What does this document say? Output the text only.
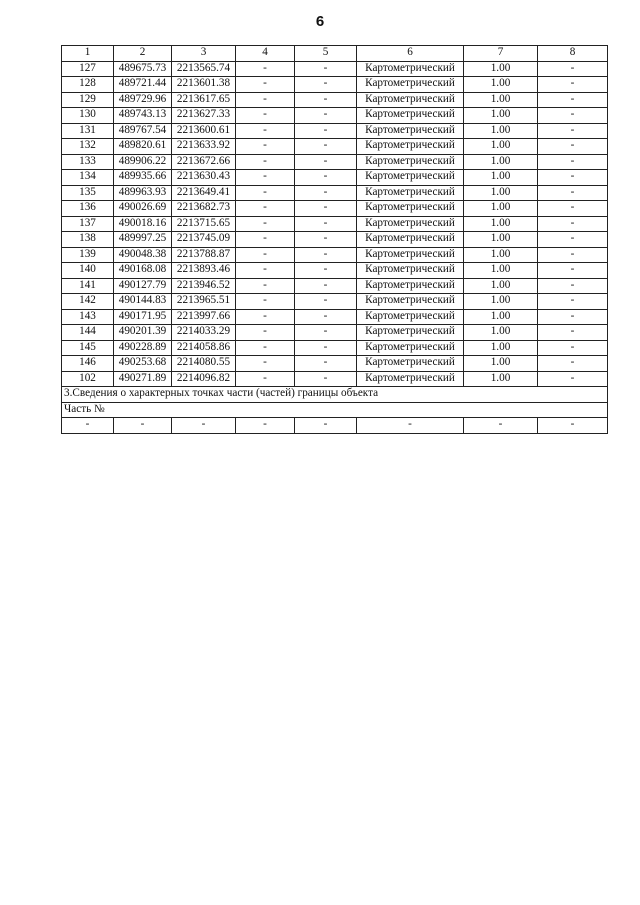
6
1	2	3	4	5	6	7	8
127	489675.73	2213565.74	-	-	Картометрический	1.00	-
128	489721.44	2213601.38	-	-	Картометрический	1.00	-
129	489729.96	2213617.65	-	-	Картометрический	1.00	-
130	489743.13	2213627.33	-	-	Картометрический	1.00	-
131	489767.54	2213600.61	-	-	Картометрический	1.00	-
132	489820.61	2213633.92	-	-	Картометрический	1.00	-
133	489906.22	2213672.66	-	-	Картометрический	1.00	-
134	489935.66	2213630.43	-	-	Картометрический	1.00	-
135	489963.93	2213649.41	-	-	Картометрический	1.00	-
136	490026.69	2213682.73	-	-	Картометрический	1.00	-
137	490018.16	2213715.65	-	-	Картометрический	1.00	-
138	489997.25	2213745.09	-	-	Картометрический	1.00	-
139	490048.38	2213788.87	-	-	Картометрический	1.00	-
140	490168.08	2213893.46	-	-	Картометрический	1.00	-
141	490127.79	2213946.52	-	-	Картометрический	1.00	-
142	490144.83	2213965.51	-	-	Картометрический	1.00	-
143	490171.95	2213997.66	-	-	Картометрический	1.00	-
144	490201.39	2214033.29	-	-	Картометрический	1.00	-
145	490228.89	2214058.86	-	-	Картометрический	1.00	-
146	490253.68	2214080.55	-	-	Картометрический	1.00	-
102	490271.89	2214096.82	-	-	Картометрический	1.00	-
3.Сведения о характерных точках части (частей) границы объекта							
Часть №							
-	-	-	-	-	-	-	-
